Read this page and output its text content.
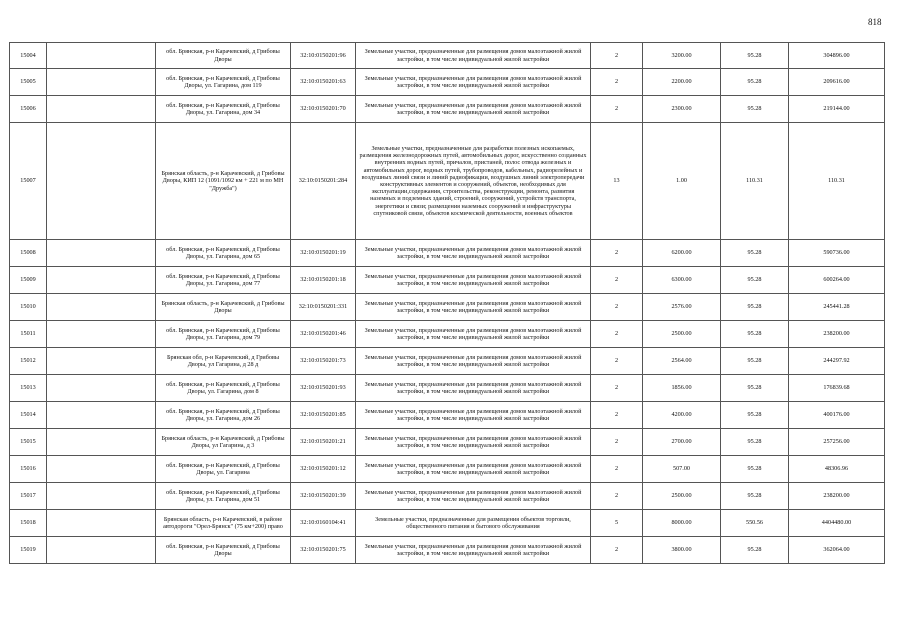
818
15004		обл. Брянская, р-н Карачевский, д Грибовы Дворы	32:10:0150201:96	Земельные участки, предназначенные для размещения домов малоэтажной жилой застройки, в том числе индивидуальной жилой застройки	2	3200.00	95.28	304896.00
15005		обл. Брянская, р-н Карачевский, д Грибовы Дворы, ул. Гагарина, дом 119	32:10:0150201:63	Земельные участки, предназначенные для размещения домов малоэтажной жилой застройки, в том числе индивидуальной жилой застройки	2	2200.00	95.28	209616.00
15006		обл. Брянская, р-н Карачевский, д Грибовы Дворы, ул. Гагарина, дом 34	32:10:0150201:70	Земельные участки, предназначенные для размещения домов малоэтажной жилой застройки, в том числе индивидуальной жилой застройки	2	2300.00	95.28	219144.00
15007		Брянская область, р-н Карачевский, д Грибовы Дворы, КИП 12 (1091/1092 км + 221 м по МН "Дружба")	32:10:0150201:284	Земельные участки, предназначенные для разработки полезных ископаемых, размещения железнодорожных путей, автомобильных дорог, искусственно созданных внутренних водных путей, причалов, пристаней, полос отвода железных и автомобильных дорог, водных путей, трубопроводов, кабельных, радиорелейных и воздушных линий связи и линий радиофикации, воздушных линий электропередачи конструктивных элементов и сооружений, объектов, необходимых для эксплуатации,содержания, строительства, реконструкции, ремонта, развития наземных и подземных зданий, строений, сооружений, устройств транспорта, энергетики и связи; размещения наземных сооружений и инфраструктуры спутниковой связи, объектов космической деятельности, военных объектов	13	1.00	110.31	110.31
15008		обл. Брянская, р-н Карачевский, д Грибовы Дворы, ул. Гагарина, дом 65	32:10:0150201:19	Земельные участки, предназначенные для размещения домов малоэтажной жилой застройки, в том числе индивидуальной жилой застройки	2	6200.00	95.28	590736.00
15009		обл. Брянская, р-н Карачевский, д Грибовы Дворы, ул. Гагарина, дом 77	32:10:0150201:18	Земельные участки, предназначенные для размещения домов малоэтажной жилой застройки, в том числе индивидуальной жилой застройки	2	6300.00	95.28	600264.00
15010		Брянская область, р-н Карачевский, д Грибовы Дворы	32:10:0150201:331	Земельные участки, предназначенные для размещения домов малоэтажной жилой застройки, в том числе индивидуальной жилой застройки	2	2576.00	95.28	245441.28
15011		обл. Брянская, р-н Карачевский, д Грибовы Дворы, ул. Гагарина, дом 79	32:10:0150201:46	Земельные участки, предназначенные для размещения домов малоэтажной жилой застройки, в том числе индивидуальной жилой застройки	2	2500.00	95.28	238200.00
15012		Брянская обл, р-н Карачевский, д Грибовы Дворы, ул Гагарина, д 28 д	32:10:0150201:73	Земельные участки, предназначенные для размещения домов малоэтажной жилой застройки, в том числе индивидуальной жилой застройки	2	2564.00	95.28	244297.92
15013		обл. Брянская, р-н Карачевский, д Грибовы Дворы, ул. Гагарина, дом 8	32:10:0150201:93	Земельные участки, предназначенные для размещения домов малоэтажной жилой застройки, в том числе индивидуальной жилой застройки	2	1856.00	95.28	176839.68
15014		обл. Брянская, р-н Карачевский, д Грибовы Дворы, ул. Гагарина, дом 26	32:10:0150201:85	Земельные участки, предназначенные для размещения домов малоэтажной жилой застройки, в том числе индивидуальной жилой застройки	2	4200.00	95.28	400176.00
15015		Брянская область, р-н Карачевский, д Грибовы Дворы, ул Гагарина, д 3	32:10:0150201:21	Земельные участки, предназначенные для размещения домов малоэтажной жилой застройки, в том числе индивидуальной жилой застройки	2	2700.00	95.28	257256.00
15016		обл. Брянская, р-н Карачевский, д Грибовы Дворы, ул. Гагарина	32:10:0150201:12	Земельные участки, предназначенные для размещения домов малоэтажной жилой застройки, в том числе индивидуальной жилой застройки	2	507.00	95.28	48306.96
15017		обл. Брянская, р-н Карачевский, д Грибовы Дворы, ул. Гагарина, дом 51	32:10:0150201:39	Земельные участки, предназначенные для размещения домов малоэтажной жилой застройки, в том числе индивидуальной жилой застройки	2	2500.00	95.28	238200.00
15018		Брянская область, р-н Карачевский, в районе автодороги "Орел-Брянск" (75 км+200) право	32:10:0160104:41	Земельные участки, предназначенные для размещения объектов торговли, общественного питания и бытового обслуживания	5	8000.00	550.56	4404480.00
15019		обл. Брянская, р-н Карачевский, д Грибовы Дворы	32:10:0150201:75	Земельные участки, предназначенные для размещения домов малоэтажной жилой застройки, в том числе индивидуальной жилой застройки	2	3800.00	95.28	362064.00
